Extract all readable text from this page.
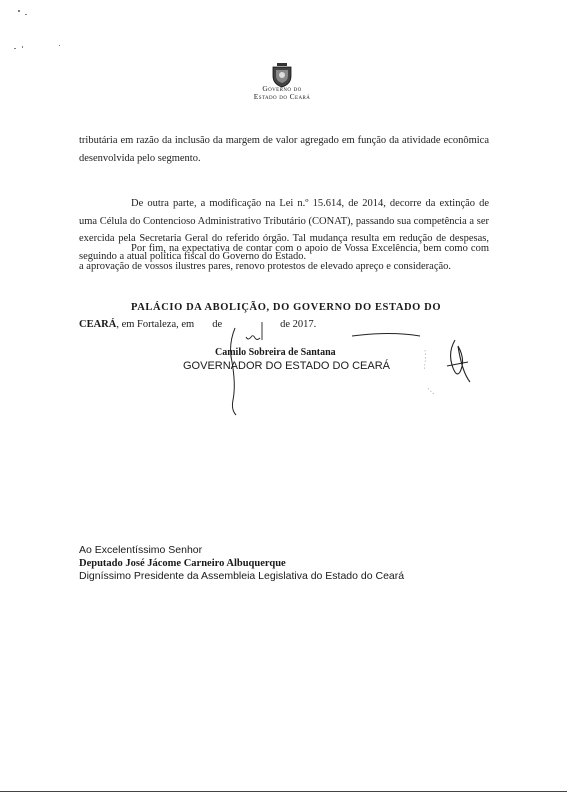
Governo do
Estado do Ceará
tributária em razão da inclusão da margem de valor agregado em função da atividade econômica desenvolvida pelo segmento.
De outra parte, a modificação na Lei n.º 15.614, de 2014, decorre da extinção de uma Célula do Contencioso Administrativo Tributário (CONAT), passando sua competência a ser exercida pela Secretaria Geral do referido órgão. Tal mudança resulta em redução de despesas, seguindo a atual política fiscal do Governo do Estado.
Por fim, na expectativa de contar com o apoio de Vossa Excelência, bem como com a aprovação de vossos ilustres pares, renovo protestos de elevado apreço e consideração.
PALÁCIO DA ABOLIÇÃO, DO GOVERNO DO ESTADO DO
CEARÁ, em Fortaleza, em de	de 2017.
Camilo Sobreira de Santana
GOVERNADOR DO ESTADO DO CEARÁ
Ao Excelentíssimo Senhor
Deputado José Jácome Carneiro Albuquerque
Digníssimo Presidente da Assembleia Legislativa do Estado do Ceará
